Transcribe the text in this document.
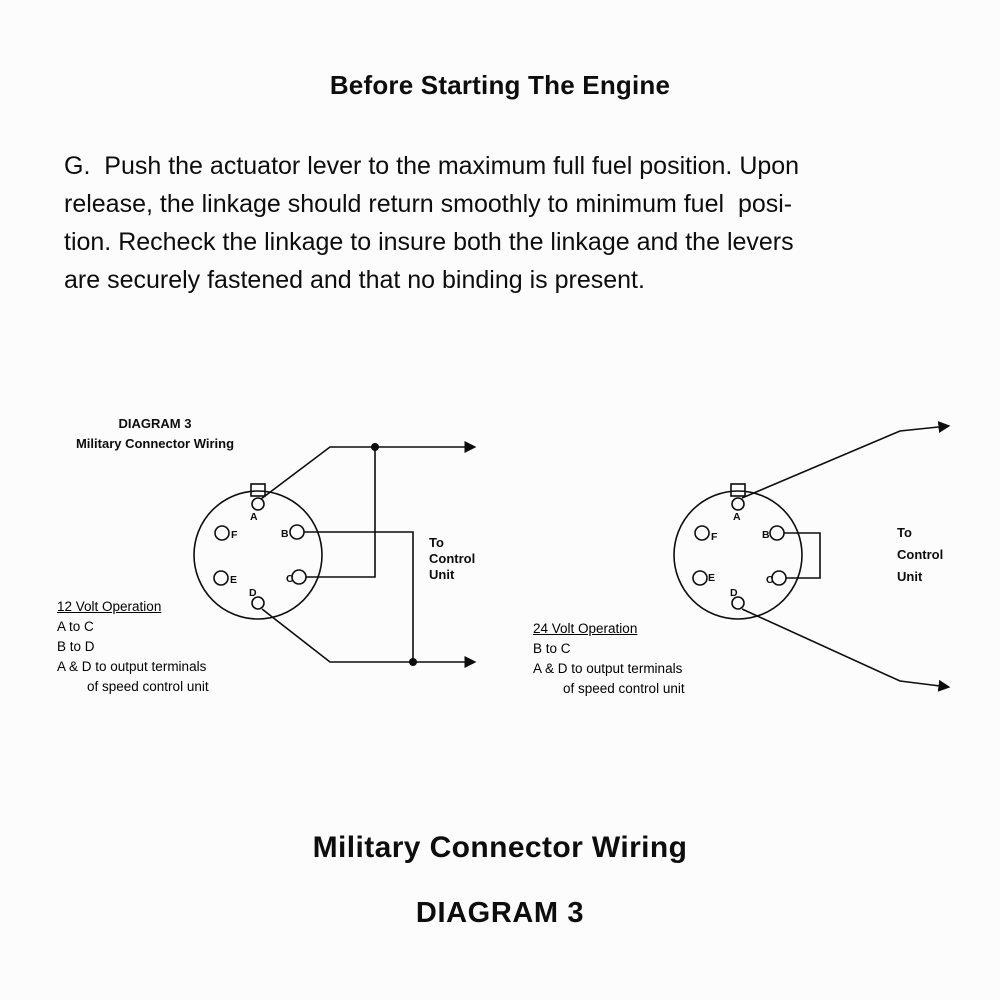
Before Starting The Engine
G.  Push the actuator lever to the maximum full fuel position. Upon
release, the linkage should return smoothly to minimum fuel  posi-
tion. Recheck the linkage to insure both the linkage and the levers
are securely fastened and that no binding is present.
DIAGRAM 3
Military Connector Wiring
A
F	B
E	C
D
A
F	B
E	C
D
To
Control
Unit
To
Control
Unit
12 Volt Operation
A to C
B to D
A & D to output terminals
of speed control unit
24 Volt Operation
B to C
A & D to output terminals
of speed control unit
Military Connector Wiring
DIAGRAM 3
